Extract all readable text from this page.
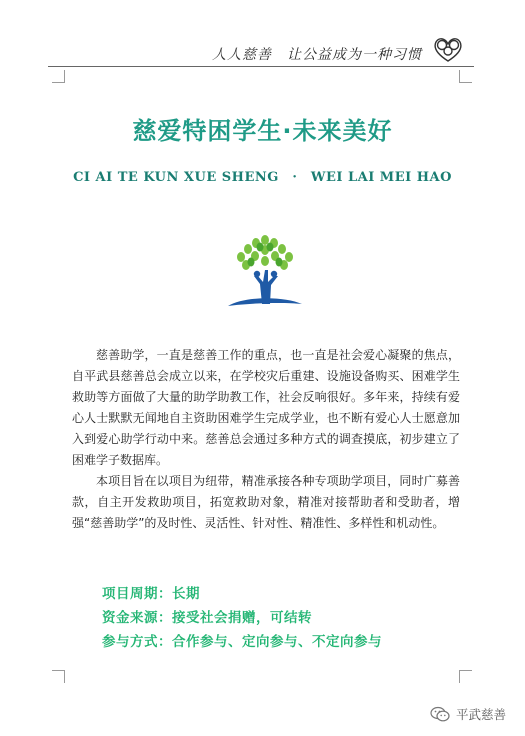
人人慈善　让公益成为一种习惯
慈爱特困学生·未来美好
CI AI TE KUN XUE SHENG　·　WEI LAI MEI HAO

慈善助学，一直是慈善工作的重点，也一直是社会爱心凝聚的焦点，自平武县慈善总会成立以来，在学校灾后重建、设施设备购买、困难学生救助等方面做了大量的助学助教工作，社会反响很好。多年来，持续有爱心人士默默无闻地自主资助困难学生完成学业，也不断有爱心人士愿意加入到爱心助学行动中来。慈善总会通过多种方式的调查摸底，初步建立了困难学子数据库。

本项目旨在以项目为纽带，精准承接各种专项助学项目，同时广募善款，自主开发救助项目，拓宽救助对象，精准对接帮助者和受助者，增强“慈善助学”的及时性、灵活性、针对性、精准性、多样性和机动性。

项目周期：长期
资金来源：接受社会捐赠，可结转
参与方式：合作参与、定向参与、不定向参与
平武慈善
